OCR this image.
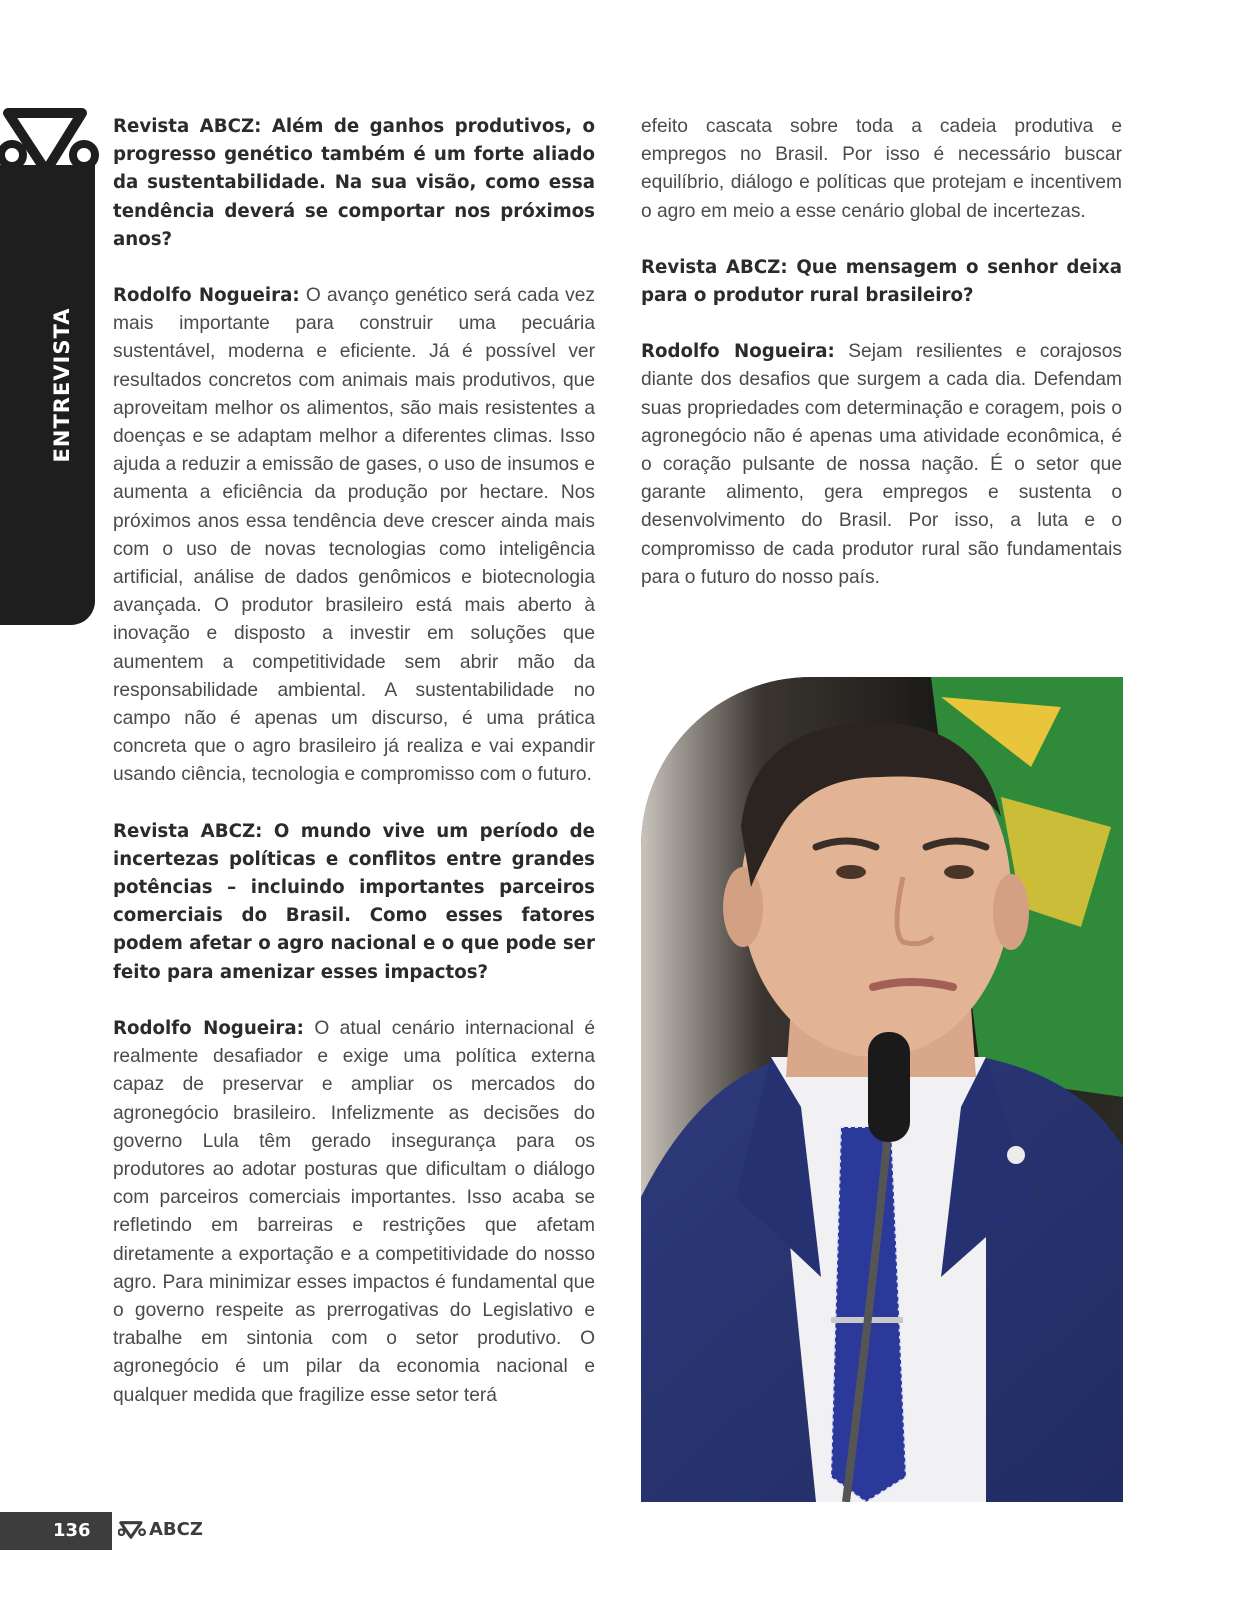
ENTREVISTA

Revista ABCZ: Além de ganhos produtivos, o progresso genético também é um forte aliado da sustentabilidade. Na sua visão, como essa tendência deverá se comportar nos próximos anos?

Rodolfo Nogueira: O avanço genético será cada vez mais importante para construir uma pecuária sustentável, moderna e eficiente. Já é possível ver resultados concretos com animais mais produtivos, que aproveitam melhor os alimentos, são mais resistentes a doenças e se adaptam melhor a diferentes climas. Isso ajuda a reduzir a emissão de gases, o uso de insumos e aumenta a eficiência da produção por hectare. Nos próximos anos essa tendência deve crescer ainda mais com o uso de novas tecnologias como inteligência artificial, análise de dados genômicos e biotecnologia avançada. O produtor brasileiro está mais aberto à inovação e disposto a investir em soluções que aumentem a competitividade sem abrir mão da responsabilidade ambiental. A sustentabilidade no campo não é apenas um discurso, é uma prática concreta que o agro brasileiro já realiza e vai expandir usando ciência, tecnologia e compromisso com o futuro.

Revista ABCZ: O mundo vive um período de incertezas políticas e conflitos entre grandes potências – incluindo importantes parceiros comerciais do Brasil. Como esses fatores podem afetar o agro nacional e o que pode ser feito para amenizar esses impactos?

Rodolfo Nogueira: O atual cenário internacional é realmente desafiador e exige uma política externa capaz de preservar e ampliar os mercados do agronegócio brasileiro. Infelizmente as decisões do governo Lula têm gerado insegurança para os produtores ao adotar posturas que dificultam o diálogo com parceiros comerciais importantes. Isso acaba se refletindo em barreiras e restrições que afetam diretamente a exportação e a competitividade do nosso agro. Para minimizar esses impactos é fundamental que o governo respeite as prerrogativas do Legislativo e trabalhe em sintonia com o setor produtivo. O agronegócio é um pilar da economia nacional e qualquer medida que fragilize esse setor terá

efeito cascata sobre toda a cadeia produtiva e empregos no Brasil. Por isso é necessário buscar equilíbrio, diálogo e políticas que protejam e incentivem o agro em meio a esse cenário global de incertezas.

Revista ABCZ: Que mensagem o senhor deixa para o produtor rural brasileiro?

Rodolfo Nogueira: Sejam resilientes e corajosos diante dos desafios que surgem a cada dia. Defendam suas propriedades com determinação e coragem, pois o agronegócio não é apenas uma atividade econômica, é o coração pulsante de nossa nação. É o setor que garante alimento, gera empregos e sustenta o desenvolvimento do Brasil. Por isso, a luta e o compromisso de cada produtor rural são fundamentais para o futuro do nosso país.

136	ABCZ
